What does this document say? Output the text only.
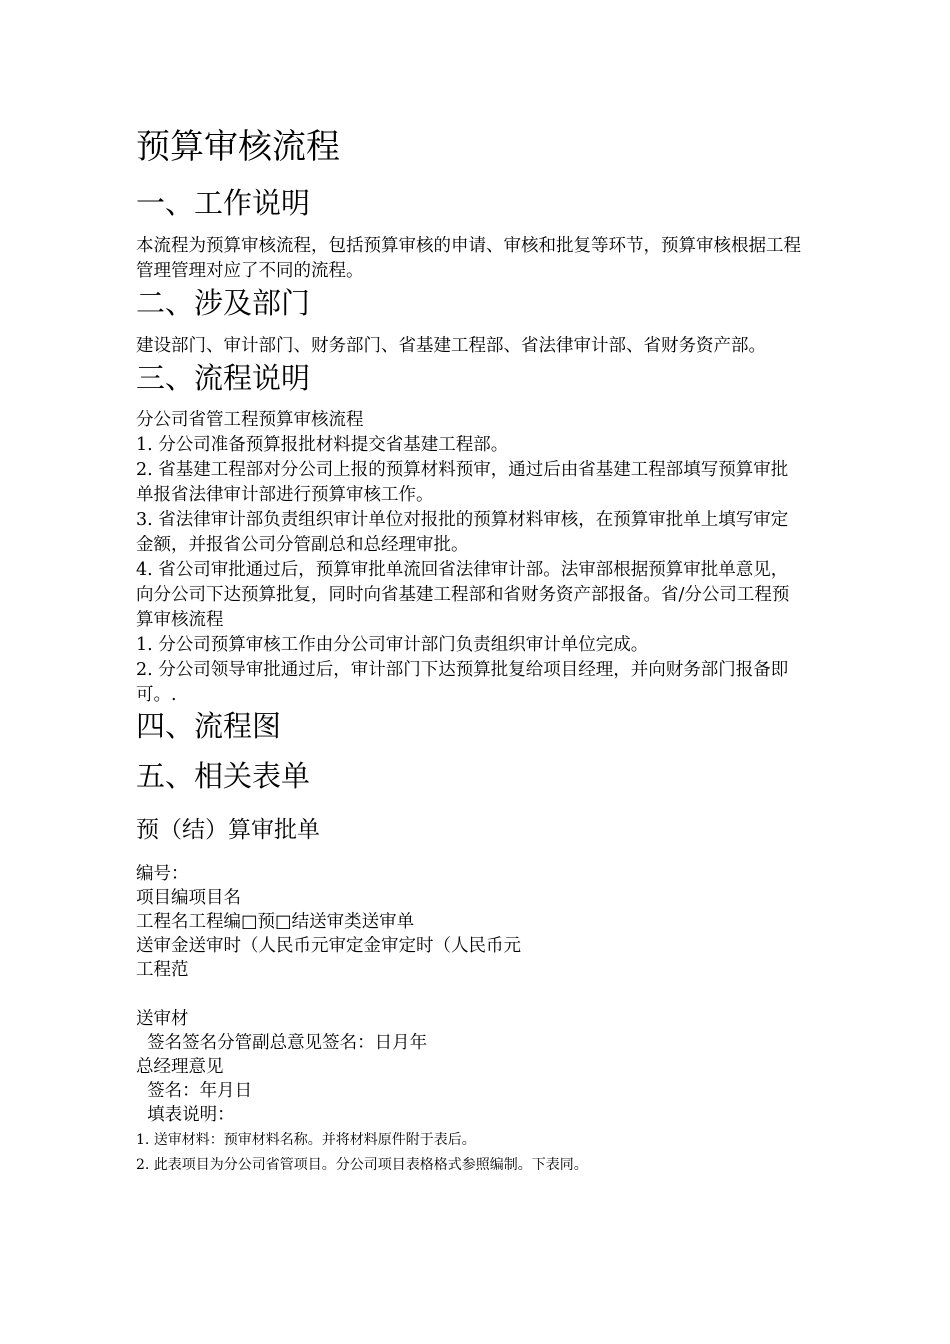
预算审核流程
一、工作说明
本流程为预算审核流程，包括预算审核的申请、审核和批复等环节，预算审核根据工程
管理管理对应了不同的流程。
二、涉及部门
建设部门、审计部门、财务部门、省基建工程部、省法律审计部、省财务资产部。
三、流程说明
分公司省管工程预算审核流程
1. 分公司准备预算报批材料提交省基建工程部。
2. 省基建工程部对分公司上报的预算材料预审，通过后由省基建工程部填写预算审批
单报省法律审计部进行预算审核工作。
3. 省法律审计部负责组织审计单位对报批的预算材料审核，在预算审批单上填写审定
金额，并报省公司分管副总和总经理审批。
4. 省公司审批通过后，预算审批单流回省法律审计部。法审部根据预算审批单意见，
向分公司下达预算批复，同时向省基建工程部和省财务资产部报备。省/分公司工程预
算审核流程
1. 分公司预算审核工作由分公司审计部门负责组织审计单位完成。
2. 分公司领导审批通过后，审计部门下达预算批复给项目经理，并向财务部门报备即
可。.
四、流程图
五、相关表单
预（结）算审批单
编号：
项目编项目名
工程名工程编□预□结送审类送审单
送审金送审时（人民币元审定金审定时（人民币元
工程范
送审材
签名签名分管副总意见签名：日月年
总经理意见
签名：年月日
填表说明：
1. 送审材料：预审材料名称。并将材料原件附于表后。
2. 此表项目为分公司省管项目。分公司项目表格格式参照编制。下表同。
